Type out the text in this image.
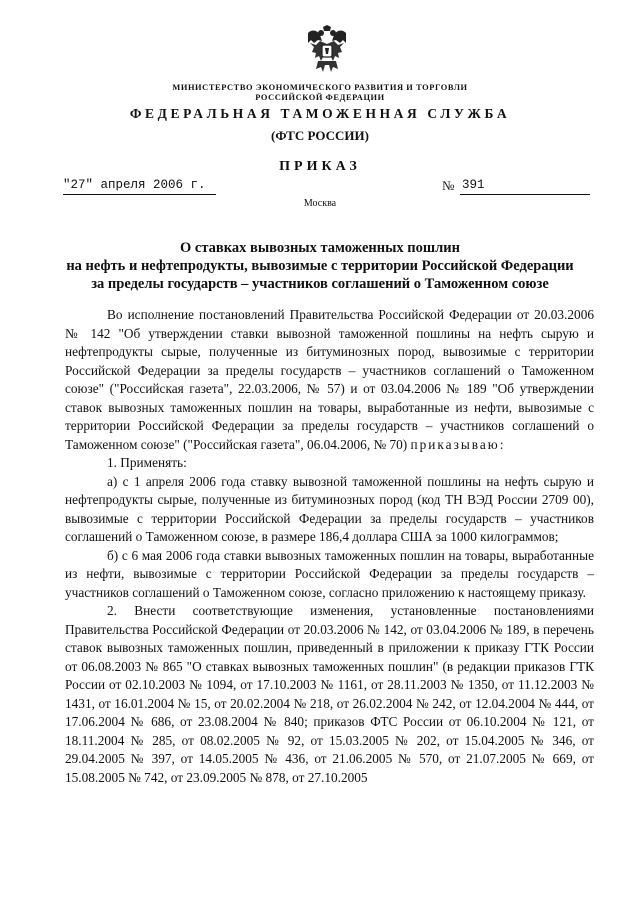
МИНИСТЕРСТВО ЭКОНОМИЧЕСКОГО РАЗВИТИЯ И ТОРГОВЛИ
РОССИЙСКОЙ ФЕДЕРАЦИИ
ФЕДЕРАЛЬНАЯ ТАМОЖЕННАЯ СЛУЖБА
(ФТС РОССИИ)
ПРИКАЗ
"27" апреля 2006 г.	№ 391
Москва
О ставках вывозных таможенных пошлин
на нефть и нефтепродукты, вывозимые с территории Российской Федерации
за пределы государств – участников соглашений о Таможенном союзе

Во исполнение постановлений Правительства Российской Федерации от 20.03.2006 № 142 "Об утверждении ставки вывозной таможенной пошлины на нефть сырую и нефтепродукты сырые, полученные из битуминозных пород, вывозимые с территории Российской Федерации за пределы государств – участников соглашений о Таможенном союзе" ("Российская газета", 22.03.2006, № 57) и от 03.04.2006 № 189 "Об утверждении ставок вывозных таможенных пошлин на товары, выработанные из нефти, вывозимые с территории Российской Федерации за пределы государств – участников соглашений о Таможенном союзе" ("Российская газета", 06.04.2006, № 70) приказываю:

1. Применять:

а) с 1 апреля 2006 года ставку вывозной таможенной пошлины на нефть сырую и нефтепродукты сырые, полученные из битуминозных пород (код ТН ВЭД России 2709 00), вывозимые с территории Российской Федерации за пределы государств – участников соглашений о Таможенном союзе, в размере 186,4 доллара США за 1000 килограммов;

б) с 6 мая 2006 года ставки вывозных таможенных пошлин на товары, выработанные из нефти, вывозимые с территории Российской Федерации за пределы государств – участников соглашений о Таможенном союзе, согласно приложению к настоящему приказу.

2. Внести соответствующие изменения, установленные постановлениями Правительства Российской Федерации от 20.03.2006 № 142, от 03.04.2006 № 189, в перечень ставок вывозных таможенных пошлин, приведенный в приложении к приказу ГТК России от 06.08.2003 № 865 "О ставках вывозных таможенных пошлин" (в редакции приказов ГТК России от 02.10.2003 № 1094, от 17.10.2003 № 1161, от 28.11.2003 № 1350, от 11.12.2003 № 1431, от 16.01.2004 № 15, от 20.02.2004 № 218, от 26.02.2004 № 242, от 12.04.2004 № 444, от 17.06.2004 № 686, от 23.08.2004 № 840; приказов ФТС России от 06.10.2004 № 121, от 18.11.2004 № 285, от 08.02.2005 № 92, от 15.03.2005 № 202, от 15.04.2005 № 346, от 29.04.2005 № 397, от 14.05.2005 № 436, от 21.06.2005 № 570, от 21.07.2005 № 669, от 15.08.2005 № 742, от 23.09.2005 № 878, от 27.10.2005
